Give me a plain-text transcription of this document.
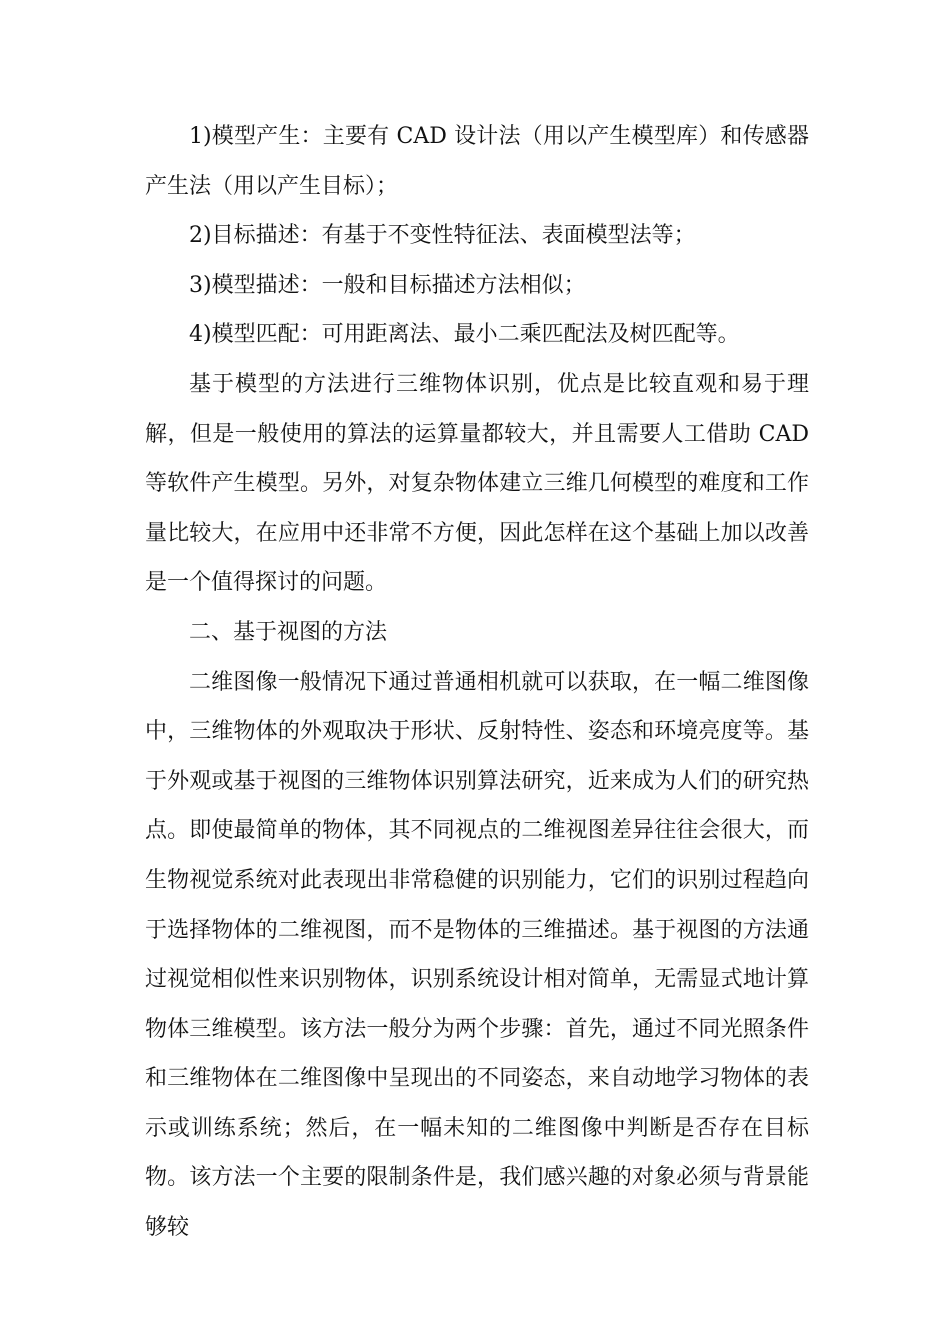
1)模型产生：主要有 CAD 设计法（用以产生模型库）和传感器产生法（用以产生目标）；

2)目标描述：有基于不变性特征法、表面模型法等；

3)模型描述：一般和目标描述方法相似；

4)模型匹配：可用距离法、最小二乘匹配法及树匹配等。

基于模型的方法进行三维物体识别，优点是比较直观和易于理解，但是一般使用的算法的运算量都较大，并且需要人工借助 CAD 等软件产生模型。另外，对复杂物体建立三维几何模型的难度和工作量比较大，在应用中还非常不方便，因此怎样在这个基础上加以改善是一个值得探讨的问题。

二、基于视图的方法

二维图像一般情况下通过普通相机就可以获取，在一幅二维图像中，三维物体的外观取决于形状、反射特性、姿态和环境亮度等。基于外观或基于视图的三维物体识别算法研究，近来成为人们的研究热点。即使最简单的物体，其不同视点的二维视图差异往往会很大，而生物视觉系统对此表现出非常稳健的识别能力，它们的识别过程趋向于选择物体的二维视图，而不是物体的三维描述。基于视图的方法通过视觉相似性来识别物体，识别系统设计相对简单，无需显式地计算物体三维模型。该方法一般分为两个步骤：首先，通过不同光照条件和三维物体在二维图像中呈现出的不同姿态，来自动地学习物体的表示或训练系统；然后，在一幅未知的二维图像中判断是否存在目标物。该方法一个主要的限制条件是，我们感兴趣的对象必须与背景能够较
